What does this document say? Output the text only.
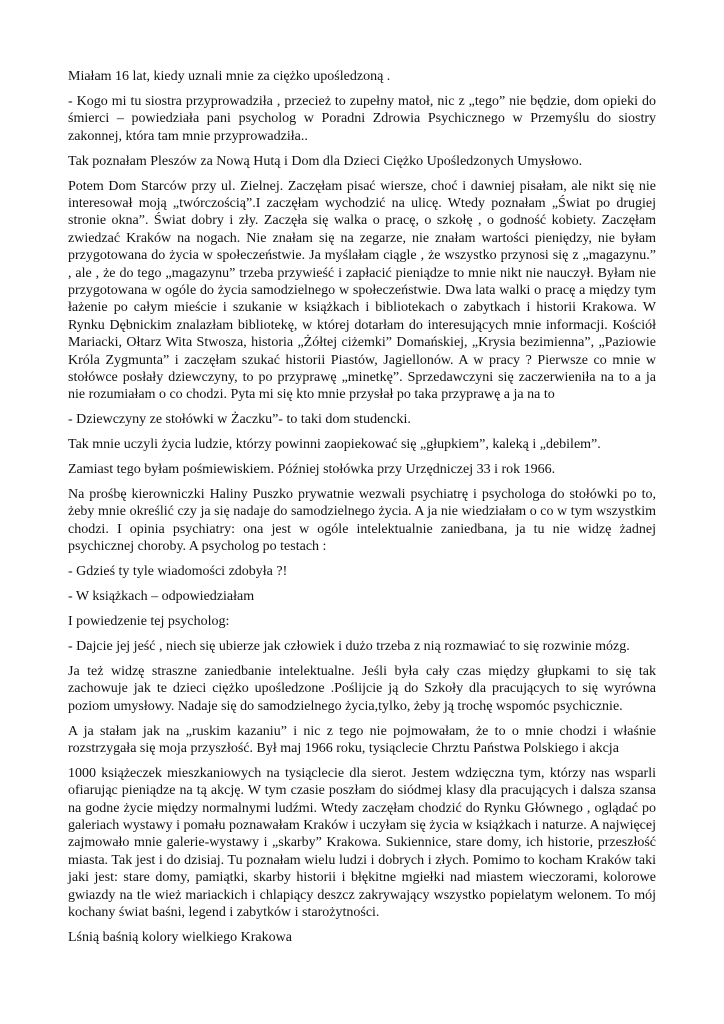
Miałam 16 lat, kiedy uznali mnie za ciężko upośledzoną .

- Kogo mi tu siostra przyprowadziła , przecież to zupełny matoł, nic z „tego” nie będzie, dom opieki do śmierci – powiedziała pani psycholog w Poradni Zdrowia Psychicznego w Przemyślu do siostry zakonnej, która tam mnie przyprowadziła..

Tak poznałam Pleszów za Nową Hutą i Dom dla Dzieci Ciężko Upośledzonych Umysłowo.

Potem Dom Starców przy ul. Zielnej. Zaczęłam pisać wiersze, choć i dawniej pisałam, ale nikt się nie interesował moją „twórczością”.I zaczęłam wychodzić na ulicę. Wtedy poznałam „Świat po drugiej stronie okna”. Świat dobry i zły. Zaczęła się walka o pracę, o szkołę , o godność kobiety. Zaczęłam zwiedzać Kraków na nogach. Nie znałam się na zegarze, nie znałam wartości pieniędzy, nie byłam przygotowana do życia w społeczeństwie. Ja myślałam ciągle , że wszystko przynosi się z „magazynu.” , ale , że do tego „magazynu” trzeba przywieść i zapłacić pieniądze to mnie nikt nie nauczył. Byłam nie przygotowana w ogóle do życia samodzielnego w społeczeństwie. Dwa lata walki o pracę a między tym łażenie po całym mieście i szukanie w książkach i bibliotekach o zabytkach i historii Krakowa. W Rynku Dębnickim znalazłam bibliotekę, w której dotarłam do interesujących mnie informacji. Kościół Mariacki, Ołtarz Wita Stwosza, historia „Żółtej ciżemki” Domańskiej, „Krysia bezimienna”, „Paziowie Króla Zygmunta” i zaczęłam szukać historii Piastów, Jagiellonów. A w pracy ? Pierwsze co mnie w stołówce posłały dziewczyny, to po przyprawę „minetkę”. Sprzedawczyni się zaczerwieniła na to a ja nie rozumiałam o co chodzi. Pyta mi się kto mnie przysłał po taka przyprawę a ja na to

- Dziewczyny ze stołówki w Żaczku”- to taki dom studencki.

Tak mnie uczyli życia ludzie, którzy powinni zaopiekować się „głupkiem”, kaleką i „debilem”.

Zamiast tego byłam pośmiewiskiem. Później stołówka przy Urzędniczej 33 i rok 1966.

Na prośbę kierowniczki Haliny Puszko prywatnie wezwali psychiatrę i psychologa do stołówki po to, żeby mnie określić czy ja się nadaje do samodzielnego życia. A ja nie wiedziałam o co w tym wszystkim chodzi. I opinia psychiatry: ona jest w ogóle intelektualnie zaniedbana, ja tu nie widzę żadnej psychicznej choroby. A psycholog po testach :

- Gdzieś ty tyle wiadomości zdobyła ?!

- W książkach – odpowiedziałam

I powiedzenie tej psycholog:

- Dajcie jej jeść , niech się ubierze jak człowiek i dużo trzeba z nią rozmawiać to się rozwinie mózg.

Ja też widzę straszne zaniedbanie intelektualne. Jeśli była cały czas między głupkami to się tak zachowuje jak te dzieci ciężko upośledzone .Poślijcie ją do Szkoły dla pracujących to się wyrówna poziom umysłowy. Nadaje się do samodzielnego życia,tylko, żeby ją trochę wspomóc psychicznie.

A ja stałam jak na „ruskim kazaniu” i nic z tego nie pojmowałam, że to o mnie chodzi i właśnie rozstrzygała się moja przyszłość. Był maj 1966 roku, tysiąclecie Chrztu Państwa Polskiego i akcja

1000 książeczek mieszkaniowych na tysiąclecie dla sierot. Jestem wdzięczna tym, którzy nas wsparli ofiarując pieniądze na tą akcję. W tym czasie poszłam do siódmej klasy dla pracujących i dalsza szansa na godne życie między normalnymi ludźmi. Wtedy zaczęłam chodzić do Rynku Głównego , oglądać po galeriach wystawy i pomału poznawałam Kraków i uczyłam się życia w książkach i naturze. A najwięcej zajmowało mnie galerie-wystawy i „skarby” Krakowa. Sukiennice, stare domy, ich historie, przeszłość miasta. Tak jest i do dzisiaj. Tu poznałam wielu ludzi i dobrych i złych. Pomimo to kocham Kraków taki jaki jest: stare domy, pamiątki, skarby historii i błękitne mgiełki nad miastem wieczorami, kolorowe gwiazdy na tle wież mariackich i chlapiący deszcz zakrywający wszystko popielatym welonem. To mój kochany świat baśni, legend i zabytków i starożytności.

Lśnią baśnią kolory wielkiego Krakowa
